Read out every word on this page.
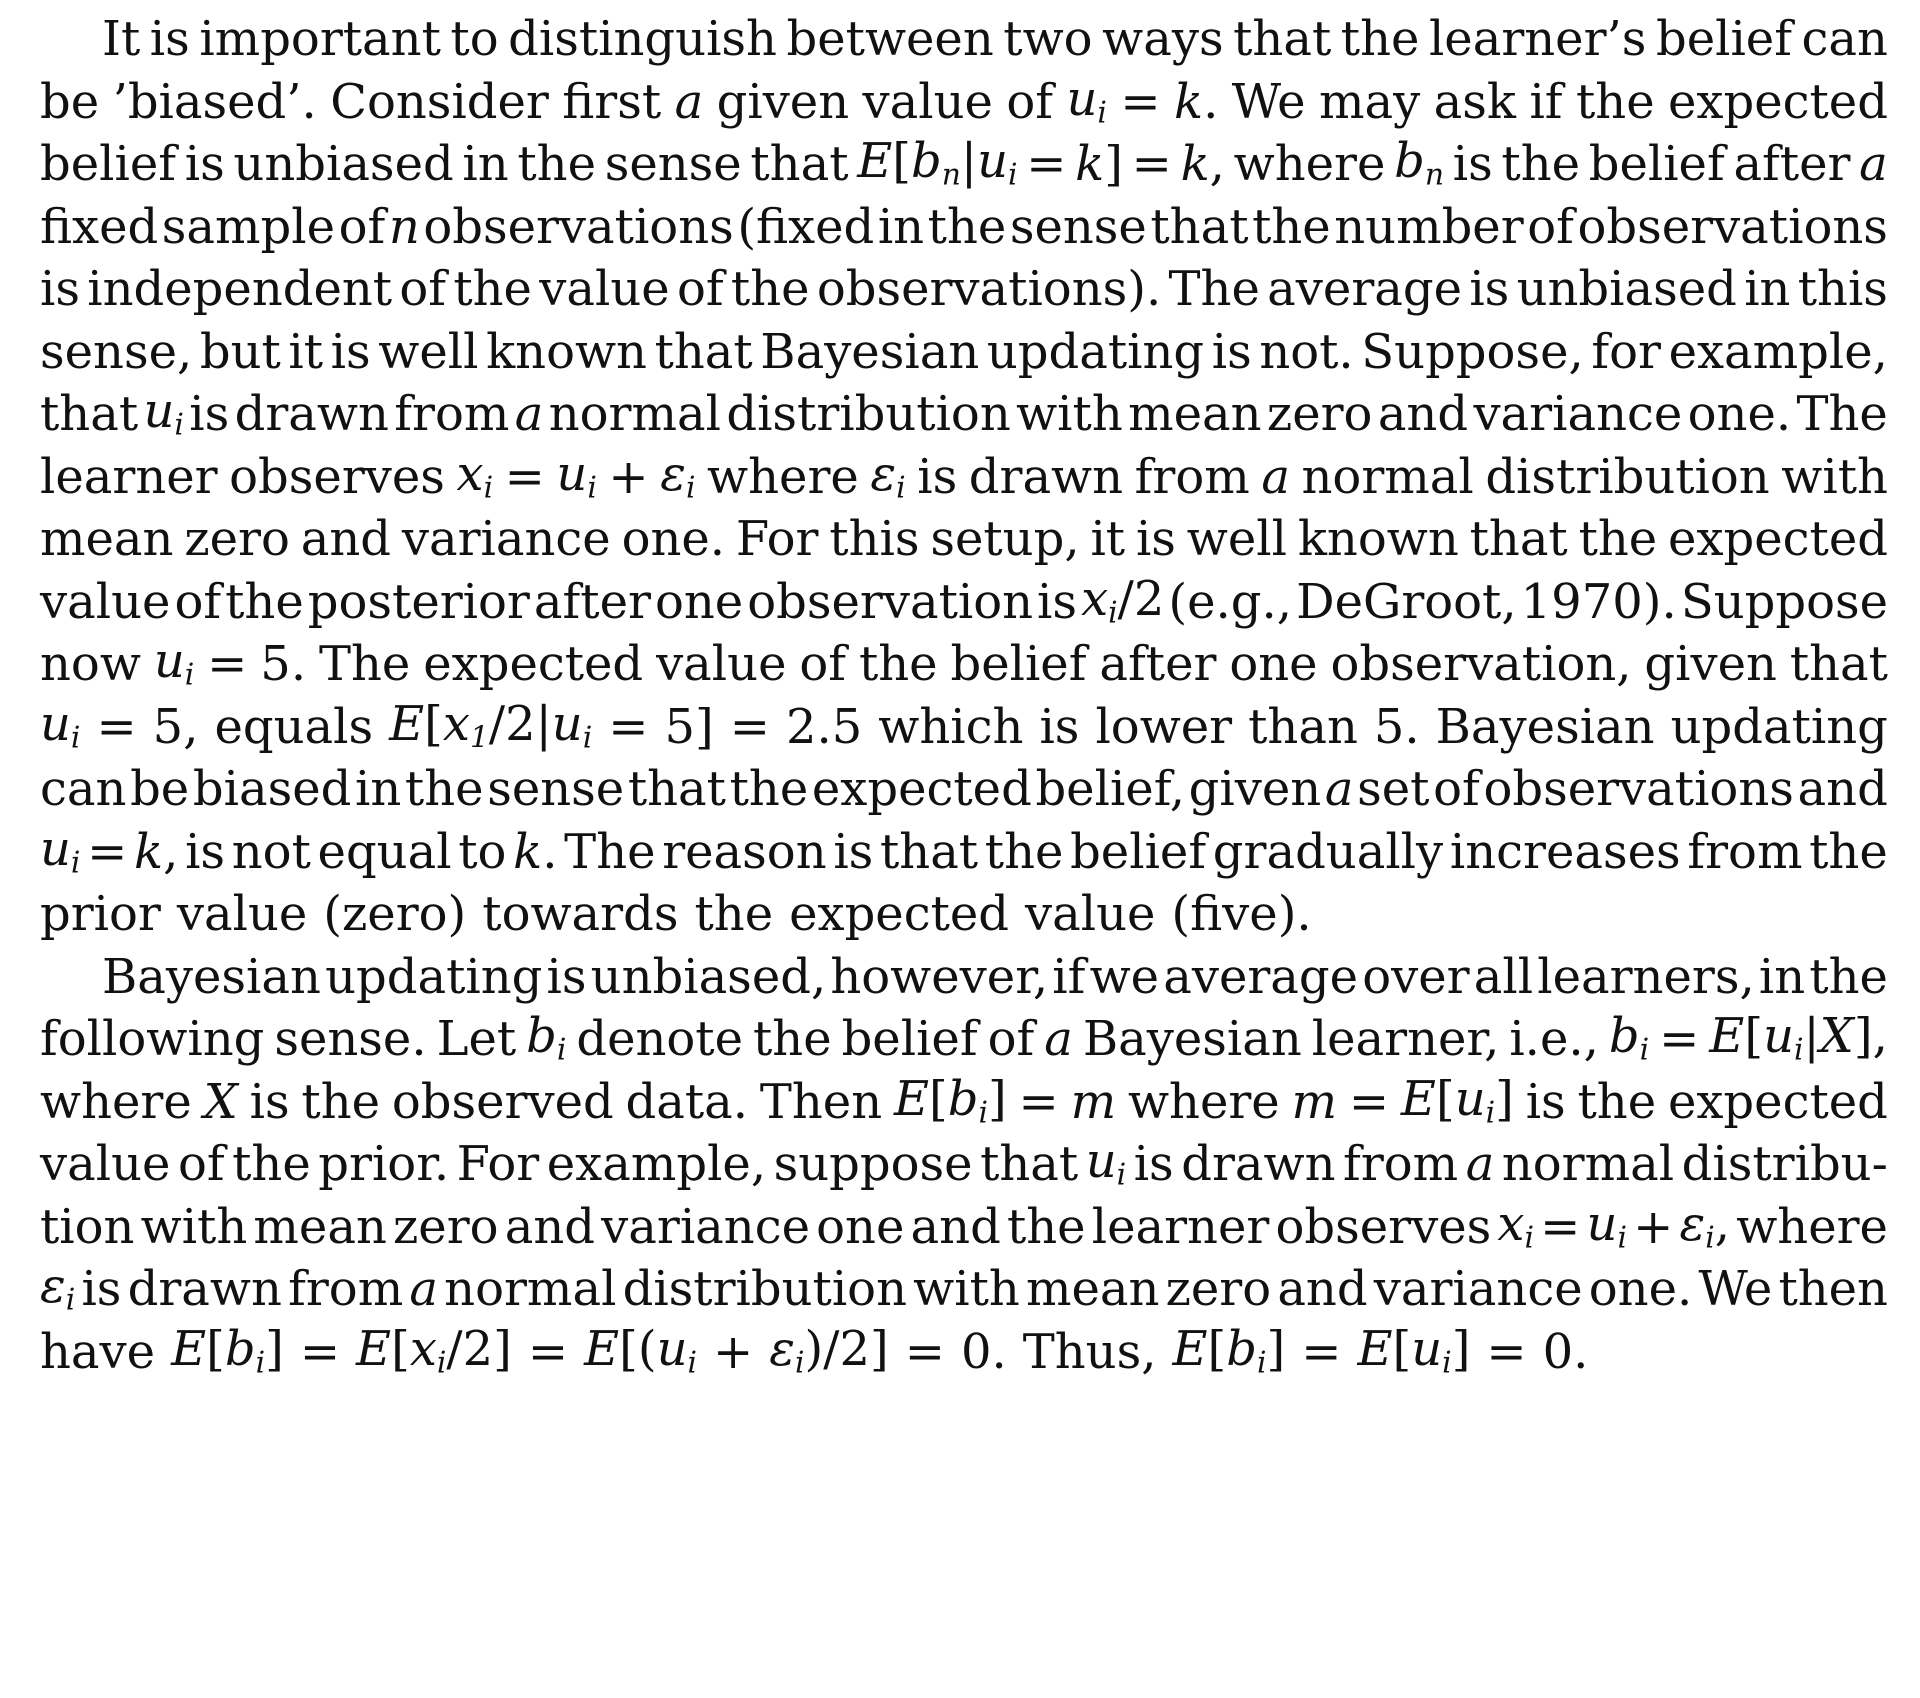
It is important to distinguish between two ways that the learner’s belief can
be ’biased’. Consider first a given value of $u_i = k$. We may ask if the expected
belief is unbiased in the sense that $E[b_n|u_i = k] = k$, where $b_n$ is the belief after a
fixed sample of n observations (fixed in the sense that the number of observations
is independent of the value of the observations). The average is unbiased in this
sense, but it is well known that Bayesian updating is not. Suppose, for example,
that $u_i$ is drawn from a normal distribution with mean zero and variance one. The
learner observes $x_i = u_i + \varepsilon_i$ where $\varepsilon_i$ is drawn from a normal distribution with
mean zero and variance one. For this setup, it is well known that the expected
value of the posterior after one observation is $x_i/2$ (e.g., DeGroot, 1970). Suppose
now $u_i = 5$. The expected value of the belief after one observation, given that
$u_i = 5$, equals $E[x_1/2|u_i = 5] = 2.5$ which is lower than 5. Bayesian updating
can be biased in the sense that the expected belief, given a set of observations and
$u_i = k$, is not equal to k. The reason is that the belief gradually increases from the
prior value (zero) towards the expected value (five).
Bayesian updating is unbiased, however, if we average over all learners, in the
following sense. Let $b_i$ denote the belief of a Bayesian learner, i.e., $b_i = E[u_i|X]$,
where X is the observed data. Then $E[b_i] = m$ where $m = E[u_i]$ is the expected
value of the prior. For example, suppose that $u_i$ is drawn from a normal distribu-
tion with mean zero and variance one and the learner observes $x_i = u_i + \varepsilon_i$, where
$\varepsilon_i$ is drawn from a normal distribution with mean zero and variance one. We then
have $E[b_i] = E[x_i/2] = E[(u_i + \varepsilon_i)/2] = 0$. Thus, $E[b_i] = E[u_i] = 0$.
